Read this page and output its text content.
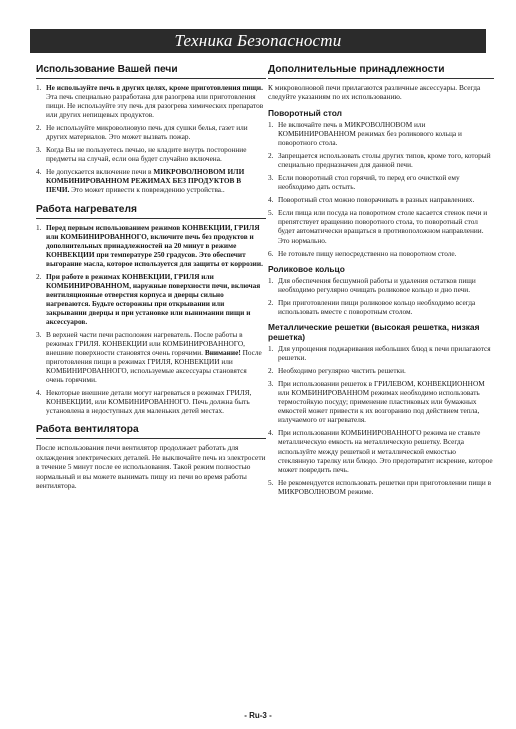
Техника Безопасности
Использование Вашей печи
1. Не используйте печь в других целях, кроме приготовления пищи. Эта печь специально разработана для разогрева или приготовления пищи. Не используйте эту печь для разогрева химических препаратов или других непищевых продуктов.
2. Не используйте микроволновую печь для сушки белья, газет или других материалов. Это может вызвать пожар.
3. Когда Вы не пользуетесь печью, не кладите внутрь посторонние предметы на случай, если она будет случайно включена.
4. Не допускается включение печи в МИКРОВОЛНОВОМ ИЛИ КОМБИНИРОВАННОМ РЕЖИМАХ БЕЗ ПРОДУКТОВ В ПЕЧИ. Это может привести к повреждению устройства..
Работа нагревателя
1. Перед первым использованием режимов КОНВЕКЦИИ, ГРИЛЯ или КОМБИНИРОВАННОГО, включите печь без продуктов и дополнительных принадлежностей на 20 минут в режиме КОНВЕКЦИИ при температуре 250 градусов. Это обеспечит выгорание масла, которое используется для защиты от коррозии.
2. При работе в режимах КОНВЕКЦИИ, ГРИЛЯ или КОМБИНИРОВАННОМ, наружные поверхности печи, включая вентиляционные отверстия корпуса и дверцы сильно нагреваются. Будьте осторожны при открывании или закрывании дверцы и при установке или вынимании пищи и аксессуаров.
3. В верхней части печи расположен нагреватель. После работы в режимах ГРИЛЯ. КОНВЕКЦИИ или КОМБИНИРОВАННОГО, внешние поверхности становятся очень горячими. Внимание! После приготовления пищи в режимах ГРИЛЯ, КОНВЕКЦИИ или КОМБИНИРОВАННОГО, используемые аксессуары становятся очень горячими.
4. Некоторые внешние детали могут нагреваться в режимах ГРИЛЯ, КОНВЕКЦИИ, или КОМБИНИРОВАННОГО. Печь должна быть установлена в недоступных для маленьких детей местах.
Работа вентилятора

После использования печи вентилятор продолжает работать для охлаждения электрических деталей. Не выключайте печь из электросети в течение 5 минут после ее использования. Такой режим полностью нормальный и вы можете вынимать пищу из печи во время работы вентилятора.

Дополнительные принадлежности

К микроволновой печи прилагаются различные аксессуары. Всегда следуйте указаниям по их использованию.

Поворотный стол
1. Не включайте печь в МИКРОВОЛНОВОМ или КОМБИНИРОВАННОМ режимах без роликового кольца и поворотного стола.
2. Запрещается использовать столы других типов, кроме того, который специально предназначен для данной печи.
3. Если поворотный стол горячий, то перед его очисткой ему необходимо дать остыть.
4. Поворотный стол можно поворачивать в разных направлениях.
5. Если пища или посуда на поворотном столе касается стенок печи и препятствует вращению поворотного стола, то поворотный стол будет автоматически вращаться в противоположном направлении. Это нормально.
6. Не готовьте пищу непосредственно на поворотном столе.
Роликовое кольцо
1. Для обеспечения бесшумной работы и удаления остатков пищи необходимо регулярно очищать роликовое кольцо и дно печи.
2. При приготовлении пищи роликовое кольцо необходимо всегда использовать вместе с поворотным столом.
Металлические решетки (высокая решетка, низкая решетка)
1. Для упрощения поджаривания небольших блюд к печи прилагаются решетки.
2. Необходимо регулярно чистить решетки.
3. При использовании решеток в ГРИЛЕВОМ, КОНВЕКЦИОННОМ или КОМБИНИРОВАННОМ режимах необходимо использовать термостойкую посуду; применение пластиковых или бумажных емкостей может привести к их возгоранию под действием тепла, излучаемого от нагревателя.
4. При использовании КОМБИНИРОВАННОГО режима не ставьте металлическую емкость на металлическую решетку. Всегда используйте между решеткой и металлической емкостью стеклянную тарелку или блюдо. Это предотвратит искрение, которое может повредить печь.
5. Не рекомендуется использовать решетки при приготовлении пищи в МИКРОВОЛНОВОМ режиме.
- Ru-3 -
